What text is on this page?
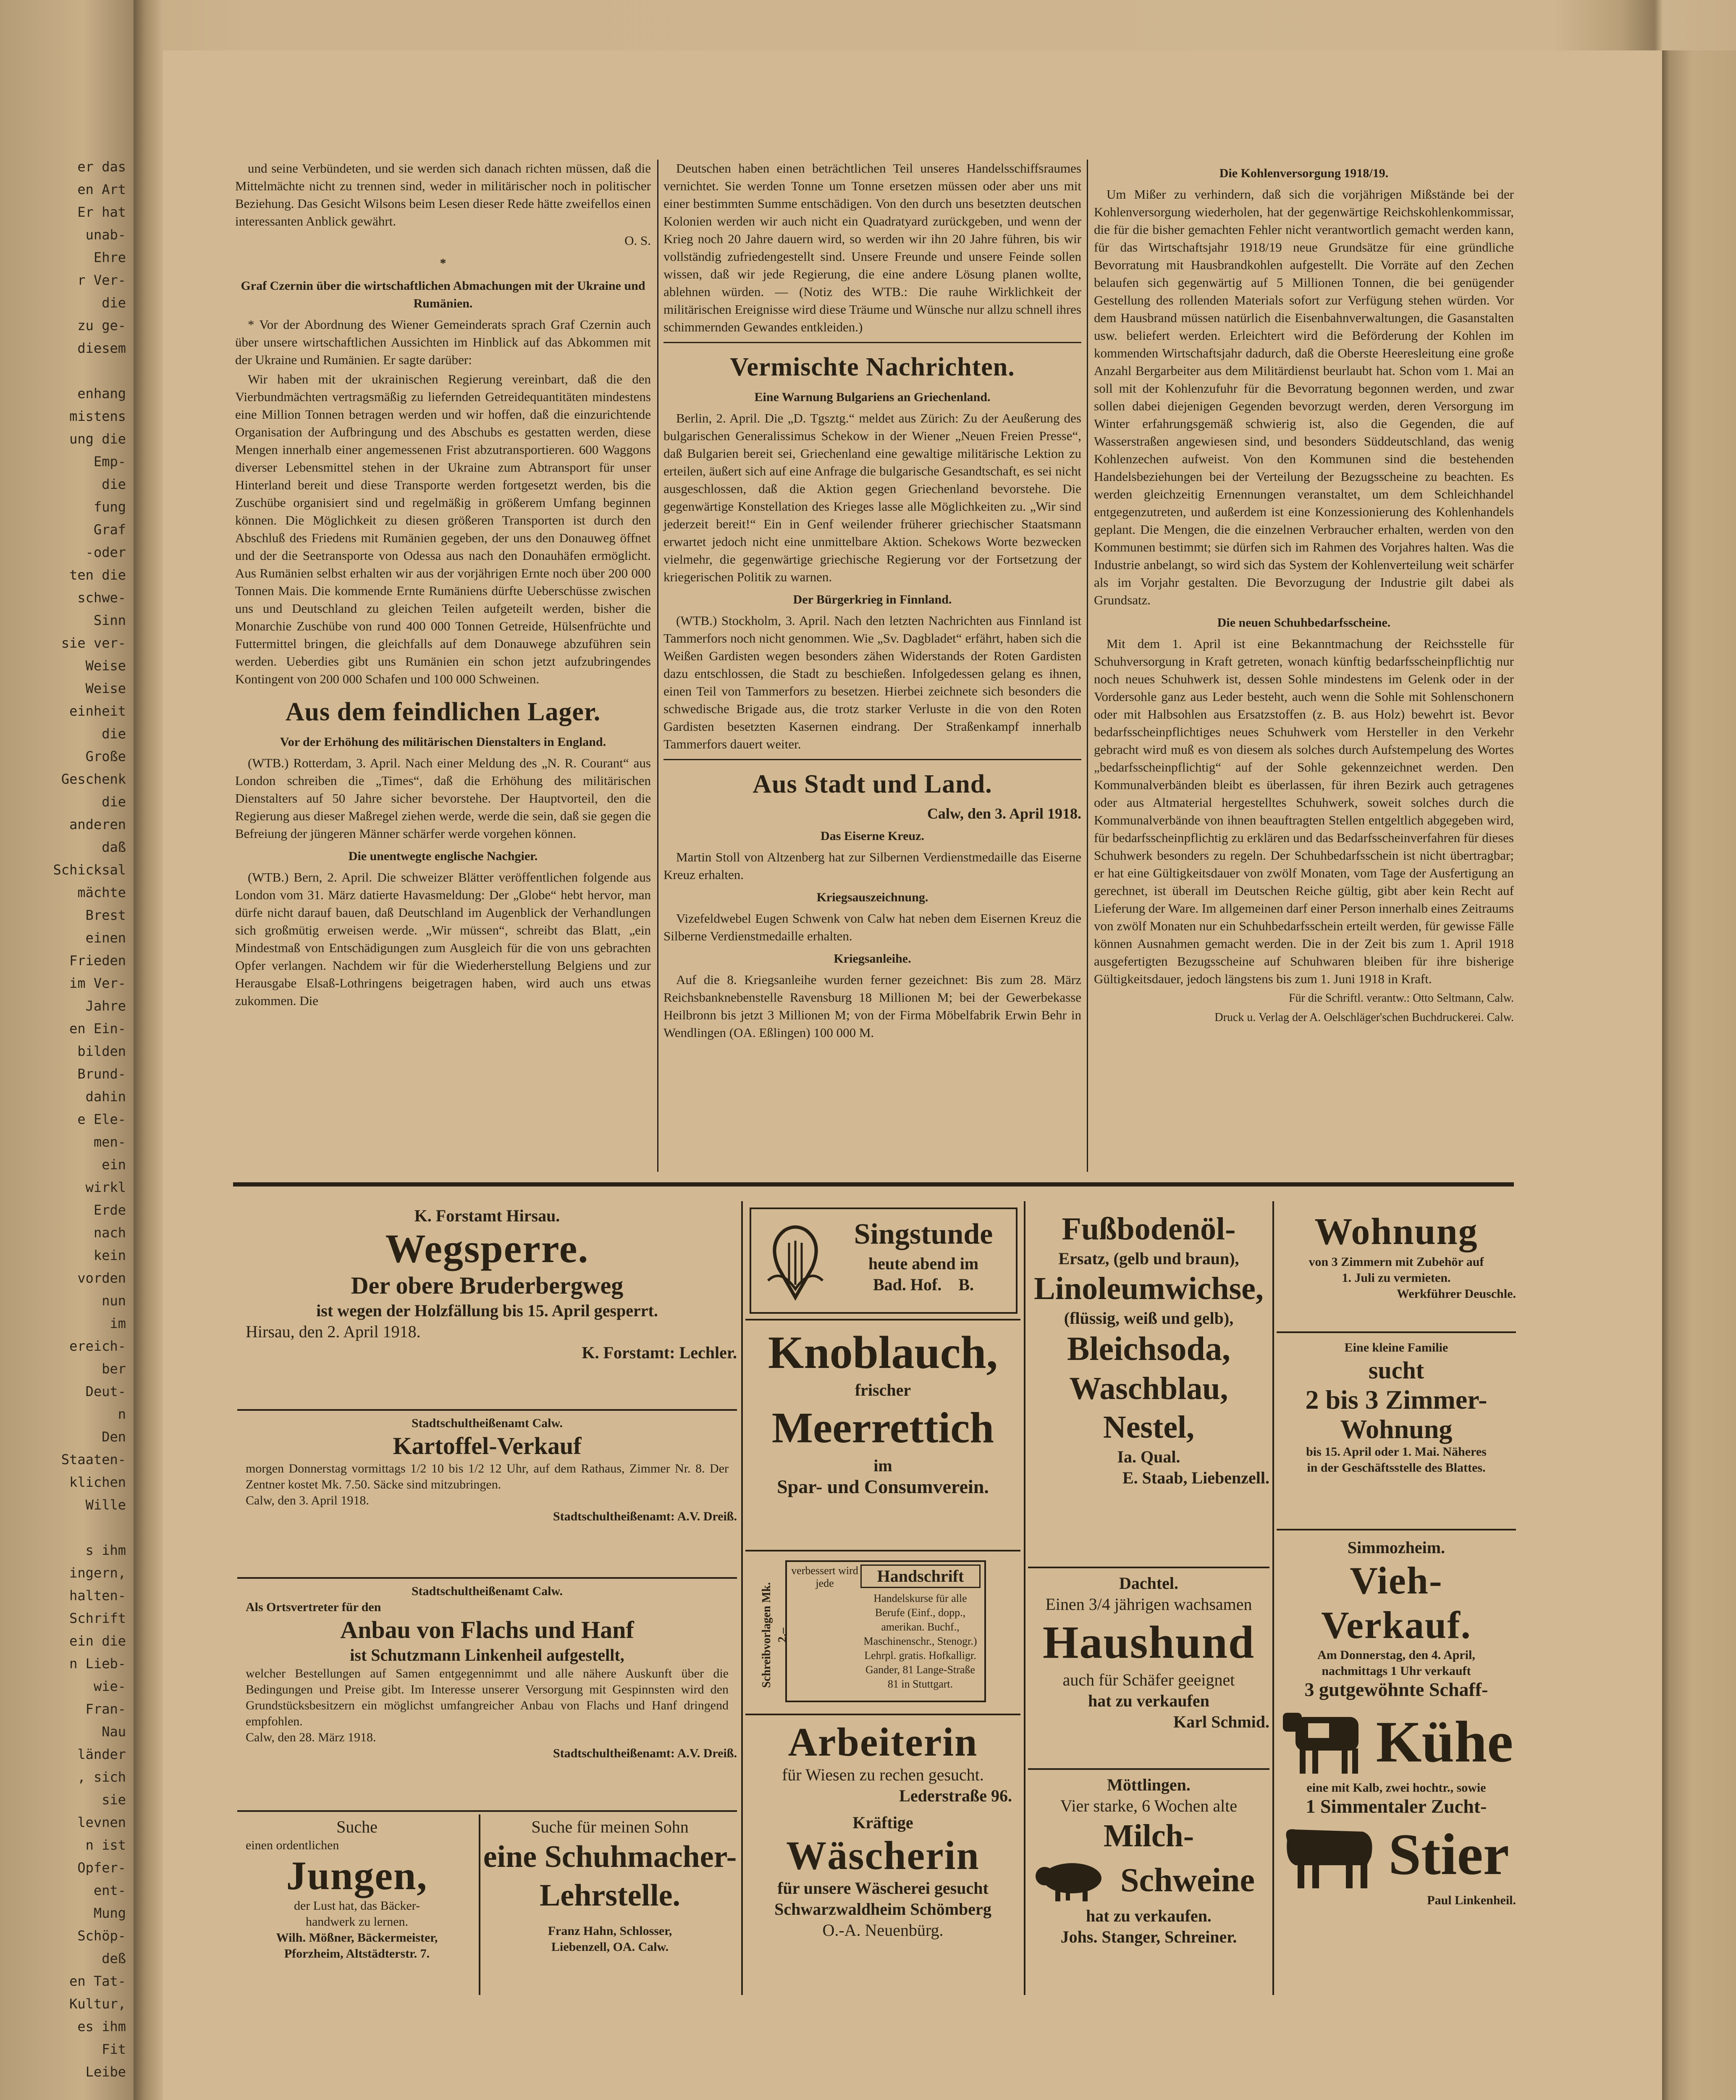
er das
en Art
Er hat
unab-
Ehre
r Ver-
die
zu ge-
diesem
enhang
mistens
ung die
Emp-
die
fung
Graf
-oder
ten die
schwe-
Sinn
sie ver-
Weise
Weise
einheit
die
Große
Geschenk
die
anderen
daß
Schicksal
mächte
Brest
einen
Frieden
im Ver-
Jahre
en Ein-
bilden
Brund-
dahin
e Ele-
men-
ein
wirkl
Erde
nach
kein
vorden
nun
im
ereich-
ber
Deut-
n
Den
Staaten-
klichen
Wille
s ihm
ingern,
halten-
Schrift
ein die
n Lieb-
wie-
Fran-
Nau
länder
, sich
sie
levnen
n ist
Opfer-
ent-
Mung
Schöp-
deß
en Tat-
Kultur,
es ihm
Fit
Leibe

und seine Verbündeten, und sie werden sich danach richten müssen, daß die Mittelmächte nicht zu trennen sind, weder in militärischer noch in politischer Beziehung. Das Gesicht Wilsons beim Lesen dieser Rede hätte zweifellos einen interessanten Anblick gewährt.

O. S.

*

Graf Czernin über die wirtschaftlichen Abmachungen mit der Ukraine und Rumänien.

* Vor der Abordnung des Wiener Gemeinderats sprach Graf Czernin auch über unsere wirtschaftlichen Aussichten im Hinblick auf das Abkommen mit der Ukraine und Rumänien. Er sagte darüber:

Wir haben mit der ukrainischen Regierung vereinbart, daß die den Vierbundmächten vertragsmäßig zu liefernden Getreidequantitäten mindestens eine Million Tonnen betragen werden und wir hoffen, daß die einzurichtende Organisation der Aufbringung und des Abschubs es gestatten werden, diese Mengen innerhalb einer angemessenen Frist abzutransportieren. 600 Waggons diverser Lebensmittel stehen in der Ukraine zum Abtransport für unser Hinterland bereit und diese Transporte werden fortgesetzt werden, bis die Zuschübe organisiert sind und regelmäßig in größerem Umfang beginnen können. Die Möglichkeit zu diesen größeren Transporten ist durch den Abschluß des Friedens mit Rumänien gegeben, der uns den Donauweg öffnet und der die Seetransporte von Odessa aus nach den Donauhäfen ermöglicht. Aus Rumänien selbst erhalten wir aus der vorjährigen Ernte noch über 200 000 Tonnen Mais. Die kommende Ernte Rumäniens dürfte Ueberschüsse zwischen uns und Deutschland zu gleichen Teilen aufgeteilt werden, bisher die Monarchie Zuschübe von rund 400 000 Tonnen Getreide, Hülsenfrüchte und Futtermittel bringen, die gleichfalls auf dem Donauwege abzuführen sein werden. Ueberdies gibt uns Rumänien ein schon jetzt aufzubringendes Kontingent von 200 000 Schafen und 100 000 Schweinen.

Aus dem feindlichen Lager.

Vor der Erhöhung des militärischen Dienstalters in England.

(WTB.) Rotterdam, 3. April. Nach einer Meldung des „N. R. Courant“ aus London schreiben die „Times“, daß die Erhöhung des militärischen Dienstalters auf 50 Jahre sicher bevorstehe. Der Hauptvorteil, den die Regierung aus dieser Maßregel ziehen werde, werde die sein, daß sie gegen die Befreiung der jüngeren Männer schärfer werde vorgehen können.

Die unentwegte englische Nachgier.

(WTB.) Bern, 2. April. Die schweizer Blätter veröffentlichen folgende aus London vom 31. März datierte Havasmeldung: Der „Globe“ hebt hervor, man dürfe nicht darauf bauen, daß Deutschland im Augenblick der Verhandlungen sich großmütig erweisen werde. „Wir müssen“, schreibt das Blatt, „ein Mindestmaß von Entschädigungen zum Ausgleich für die von uns gebrachten Opfer verlangen. Nachdem wir für die Wiederherstellung Belgiens und zur Herausgabe Elsaß-Lothringens beigetragen haben, wird auch uns etwas zukommen. Die

Deutschen haben einen beträchtlichen Teil unseres Handelsschiffsraumes vernichtet. Sie werden Tonne um Tonne ersetzen müssen oder aber uns mit einer bestimmten Summe entschädigen. Von den durch uns besetzten deutschen Kolonien werden wir auch nicht ein Quadratyard zurückgeben, und wenn der Krieg noch 20 Jahre dauern wird, so werden wir ihn 20 Jahre führen, bis wir vollständig zufriedengestellt sind. Unsere Freunde und unsere Feinde sollen wissen, daß wir jede Regierung, die eine andere Lösung planen wollte, ablehnen würden. — (Notiz des WTB.: Die rauhe Wirklichkeit der militärischen Ereignisse wird diese Träume und Wünsche nur allzu schnell ihres schimmernden Gewandes entkleiden.)

Vermischte Nachrichten.

Eine Warnung Bulgariens an Griechenland.

Berlin, 2. April. Die „D. Tgsztg.“ meldet aus Zürich: Zu der Aeußerung des bulgarischen Generalissimus Schekow in der Wiener „Neuen Freien Presse“, daß Bulgarien bereit sei, Griechenland eine gewaltige militärische Lektion zu erteilen, äußert sich auf eine Anfrage die bulgarische Gesandtschaft, es sei nicht ausgeschlossen, daß die Aktion gegen Griechenland bevorstehe. Die gegenwärtige Konstellation des Krieges lasse alle Möglichkeiten zu. „Wir sind jederzeit bereit!“ Ein in Genf weilender früherer griechischer Staatsmann erwartet jedoch nicht eine unmittelbare Aktion. Schekows Worte bezwecken vielmehr, die gegenwärtige griechische Regierung vor der Fortsetzung der kriegerischen Politik zu warnen.

Der Bürgerkrieg in Finnland.

(WTB.) Stockholm, 3. April. Nach den letzten Nachrichten aus Finnland ist Tammerfors noch nicht genommen. Wie „Sv. Dagbladet“ erfährt, haben sich die Weißen Gardisten wegen besonders zähen Widerstands der Roten Gardisten dazu entschlossen, die Stadt zu beschießen. Infolgedessen gelang es ihnen, einen Teil von Tammerfors zu besetzen. Hierbei zeichnete sich besonders die schwedische Brigade aus, die trotz starker Verluste in die von den Roten Gardisten besetzten Kasernen eindrang. Der Straßenkampf innerhalb Tammerfors dauert weiter.

Aus Stadt und Land.

Calw, den 3. April 1918.

Das Eiserne Kreuz.

Martin Stoll von Altzenberg hat zur Silbernen Verdienstmedaille das Eiserne Kreuz erhalten.

Kriegsauszeichnung.

Vizefeldwebel Eugen Schwenk von Calw hat neben dem Eisernen Kreuz die Silberne Verdienstmedaille erhalten.

Kriegsanleihe.

Auf die 8. Kriegsanleihe wurden ferner gezeichnet: Bis zum 28. März Reichsbanknebenstelle Ravensburg 18 Millionen M; bei der Gewerbekasse Heilbronn bis jetzt 3 Millionen M; von der Firma Möbelfabrik Erwin Behr in Wendlingen (OA. Eßlingen) 100 000 M.

Die Kohlenversorgung 1918/19.

Um Mißer zu verhindern, daß sich die vorjährigen Mißstände bei der Kohlenversorgung wiederholen, hat der gegenwärtige Reichskohlenkommissar, die für die bisher gemachten Fehler nicht verantwortlich gemacht werden kann, für das Wirtschaftsjahr 1918/19 neue Grundsätze für eine gründliche Bevorratung mit Hausbrandkohlen aufgestellt. Die Vorräte auf den Zechen belaufen sich gegenwärtig auf 5 Millionen Tonnen, die bei genügender Gestellung des rollenden Materials sofort zur Verfügung stehen würden. Vor dem Hausbrand müssen natürlich die Eisenbahnverwaltungen, die Gasanstalten usw. beliefert werden. Erleichtert wird die Beförderung der Kohlen im kommenden Wirtschaftsjahr dadurch, daß die Oberste Heeresleitung eine große Anzahl Bergarbeiter aus dem Militärdienst beurlaubt hat. Schon vom 1. Mai an soll mit der Kohlenzufuhr für die Bevorratung begonnen werden, und zwar sollen dabei diejenigen Gegenden bevorzugt werden, deren Versorgung im Winter erfahrungsgemäß schwierig ist, also die Gegenden, die auf Wasserstraßen angewiesen sind, und besonders Süddeutschland, das wenig Kohlenzechen aufweist. Von den Kommunen sind die bestehenden Handelsbeziehungen bei der Verteilung der Bezugsscheine zu beachten. Es werden gleichzeitig Ernennungen veranstaltet, um dem Schleichhandel entgegenzutreten, und außerdem ist eine Konzessionierung des Kohlenhandels geplant. Die Mengen, die die einzelnen Verbraucher erhalten, werden von den Kommunen bestimmt; sie dürfen sich im Rahmen des Vorjahres halten. Was die Industrie anbelangt, so wird sich das System der Kohlenverteilung weit schärfer als im Vorjahr gestalten. Die Bevorzugung der Industrie gilt dabei als Grundsatz.

Die neuen Schuhbedarfsscheine.

Mit dem 1. April ist eine Bekanntmachung der Reichsstelle für Schuhversorgung in Kraft getreten, wonach künftig bedarfsscheinpflichtig nur noch neues Schuhwerk ist, dessen Sohle mindestens im Gelenk oder in der Vordersohle ganz aus Leder besteht, auch wenn die Sohle mit Sohlenschonern oder mit Halbsohlen aus Ersatzstoffen (z. B. aus Holz) bewehrt ist. Bevor bedarfsscheinpflichtiges neues Schuhwerk vom Hersteller in den Verkehr gebracht wird muß es von diesem als solches durch Aufstempelung des Wortes „bedarfsscheinpflichtig“ auf der Sohle gekennzeichnet werden. Den Kommunalverbänden bleibt es überlassen, für ihren Bezirk auch getragenes oder aus Altmaterial hergestelltes Schuhwerk, soweit solches durch die Kommunalverbände von ihnen beauftragten Stellen entgeltlich abgegeben wird, für bedarfsscheinpflichtig zu erklären und das Bedarfsscheinverfahren für dieses Schuhwerk besonders zu regeln. Der Schuhbedarfsschein ist nicht übertragbar; er hat eine Gültigkeitsdauer von zwölf Monaten, vom Tage der Ausfertigung an gerechnet, ist überall im Deutschen Reiche gültig, gibt aber kein Recht auf Lieferung der Ware. Im allgemeinen darf einer Person innerhalb eines Zeitraums von zwölf Monaten nur ein Schuhbedarfsschein erteilt werden, für gewisse Fälle können Ausnahmen gemacht werden. Die in der Zeit bis zum 1. April 1918 ausgefertigten Bezugsscheine auf Schuhwaren bleiben für ihre bisherige Gültigkeitsdauer, jedoch längstens bis zum 1. Juni 1918 in Kraft.

Für die Schriftl. verantw.: Otto Seltmann, Calw.

Druck u. Verlag der A. Oelschläger'schen Buchdruckerei. Calw.

K. Forstamt Hirsau.
Wegsperre.
Der obere Bruderbergweg
ist wegen der Holzfällung bis 15. April gesperrt.
Hirsau, den 2. April 1918.
K. Forstamt: Lechler.
Stadtschultheißenamt Calw.
Kartoffel-Verkauf
morgen Donnerstag vormittags 1/2 10 bis 1/2 12 Uhr, auf dem Rathaus, Zimmer Nr. 8. Der Zentner kostet Mk. 7.50. Säcke sind mitzubringen.
Calw, den 3. April 1918.
Stadtschultheißenamt: A.V. Dreiß.
Stadtschultheißenamt Calw.
Als Ortsvertreter für den
Anbau von Flachs und Hanf
ist Schutzmann Linkenheil aufgestellt,
welcher Bestellungen auf Samen entgegennimmt und alle nähere Auskunft über die Bedingungen und Preise gibt. Im Interesse unserer Versorgung mit Gespinnsten wird den Grundstücksbesitzern ein möglichst umfangreicher Anbau von Flachs und Hanf dringend empfohlen.
Calw, den 28. März 1918.
Stadtschultheißenamt: A.V. Dreiß.
Suche
einen ordentlichen
Jungen,
der Lust hat, das Bäcker-
handwerk zu lernen.
Wilh. Mößner, Bäckermeister,
Pforzheim, Altstädterstr. 7.
Suche für meinen Sohn
eine Schuhmacher-Lehrstelle.
Franz Hahn, Schlosser,
Liebenzell, OA. Calw.
Singstunde
heute abend im
Bad. Hof. B.
Knoblauch,
frischer
Meerrettich
im
Spar- und Consumverein.
Schreibvorlagen Mk. 2.–
verbessert wird jede	Handschrift
Handelskurse für alle Berufe (Einf., dopp., amerikan. Buchf., Maschinenschr., Stenogr.) Lehrpl. gratis. Hofkalligr. Gander, 81 Lange-Straße 81 in Stuttgart.
Arbeiterin
für Wiesen zu rechen gesucht.
Lederstraße 96.
Kräftige
Wäscherin
für unsere Wäscherei gesucht
Schwarzwaldheim Schömberg
O.-A. Neuenbürg.
Fußbodenöl-
Ersatz, (gelb und braun),
Linoleumwichse,
(flüssig, weiß und gelb),
Bleichsoda,
Waschblau,
Nestel,
Ia. Qual.
E. Staab, Liebenzell.
Dachtel.
Einen 3/4 jährigen wachsamen
Haushund
auch für Schäfer geeignet
hat zu verkaufen
Karl Schmid.
Möttlingen.
Vier starke, 6 Wochen alte
Milch-
Schweine
hat zu verkaufen.
Johs. Stanger, Schreiner.
Wohnung
von 3 Zimmern mit Zubehör auf
1. Juli zu vermieten.
Werkführer Deuschle.
Eine kleine Familie
sucht
2 bis 3 Zimmer-
Wohnung
bis 15. April oder 1. Mai. Näheres
in der Geschäftsstelle des Blattes.
Simmozheim.
Vieh-Verkauf.
Am Donnerstag, den 4. April,
nachmittags 1 Uhr verkauft
3 gutgewöhnte Schaff-
Kühe
eine mit Kalb, zwei hochtr., sowie
1 Simmentaler Zucht-
Stier
Paul Linkenheil.
